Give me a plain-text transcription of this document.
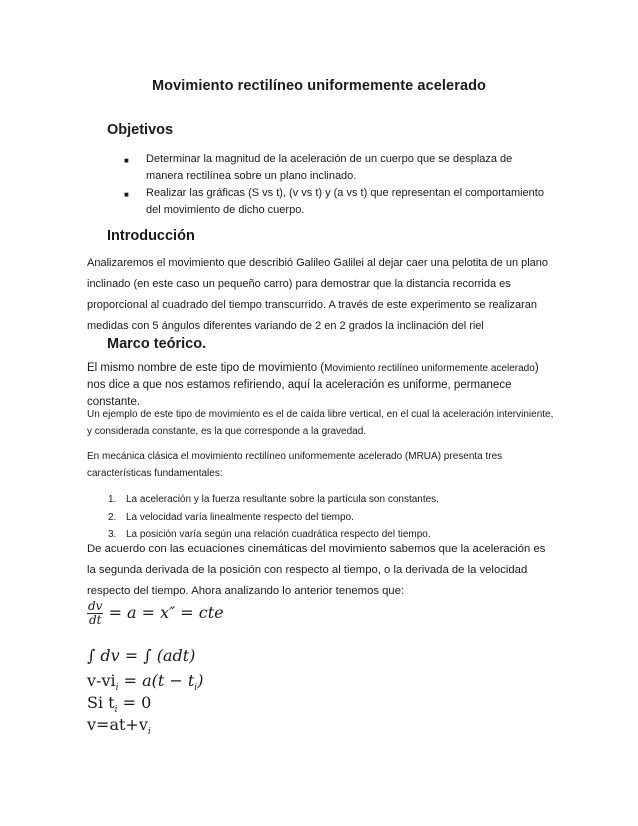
Movimiento rectilíneo uniformemente acelerado
Objetivos
■	Determinar la magnitud de la aceleración de un cuerpo que se desplaza de manera rectilínea sobre un plano inclinado.
■	Realizar las gráficas (S vs t), (v vs t) y (a vs t) que representan el comportamiento del movimiento de dicho cuerpo.
Introducción
Analizaremos el movimiento que describió Galileo Galilei al dejar caer una pelotita de un plano inclinado (en este caso un pequeño carro) para demostrar que la distancia recorrida es proporcional al cuadrado del tiempo transcurrido. A través de este experimento se realizaran medidas con 5 ángulos diferentes variando de 2 en 2 grados la inclinación del riel
Marco teórico.
El mismo nombre de este tipo de movimiento (Movimiento rectilíneo uniformemente acelerado) nos dice a que nos estamos refiriendo, aquí la aceleración es uniforme, permanece constante.
Un ejemplo de este tipo de movimiento es el de caída libre vertical, en el cual la aceleración interviniente, y considerada constante, es la que corresponde a la gravedad.
En mecánica clásica el movimiento rectilíneo uniformemente acelerado (MRUA) presenta tres características fundamentales:
1. La aceleración y la fuerza resultante sobre la partícula son constantes.
2. La velocidad varía linealmente respecto del tiempo.
3. La posición varía según una relación cuadrática respecto del tiempo.
De acuerdo con las ecuaciones cinemáticas del movimiento sabemos que la aceleración es la segunda derivada de la posición con respecto al tiempo, o la derivada de la velocidad respecto del tiempo. Ahora analizando lo anterior tenemos que:
$\frac{dv}{dt} = a = x''$ = cte
∫ dv = ∫ (adt)
$v-vi_i = a(t - t_i)$
Si $t_i = 0$
$v=at+v_i$
